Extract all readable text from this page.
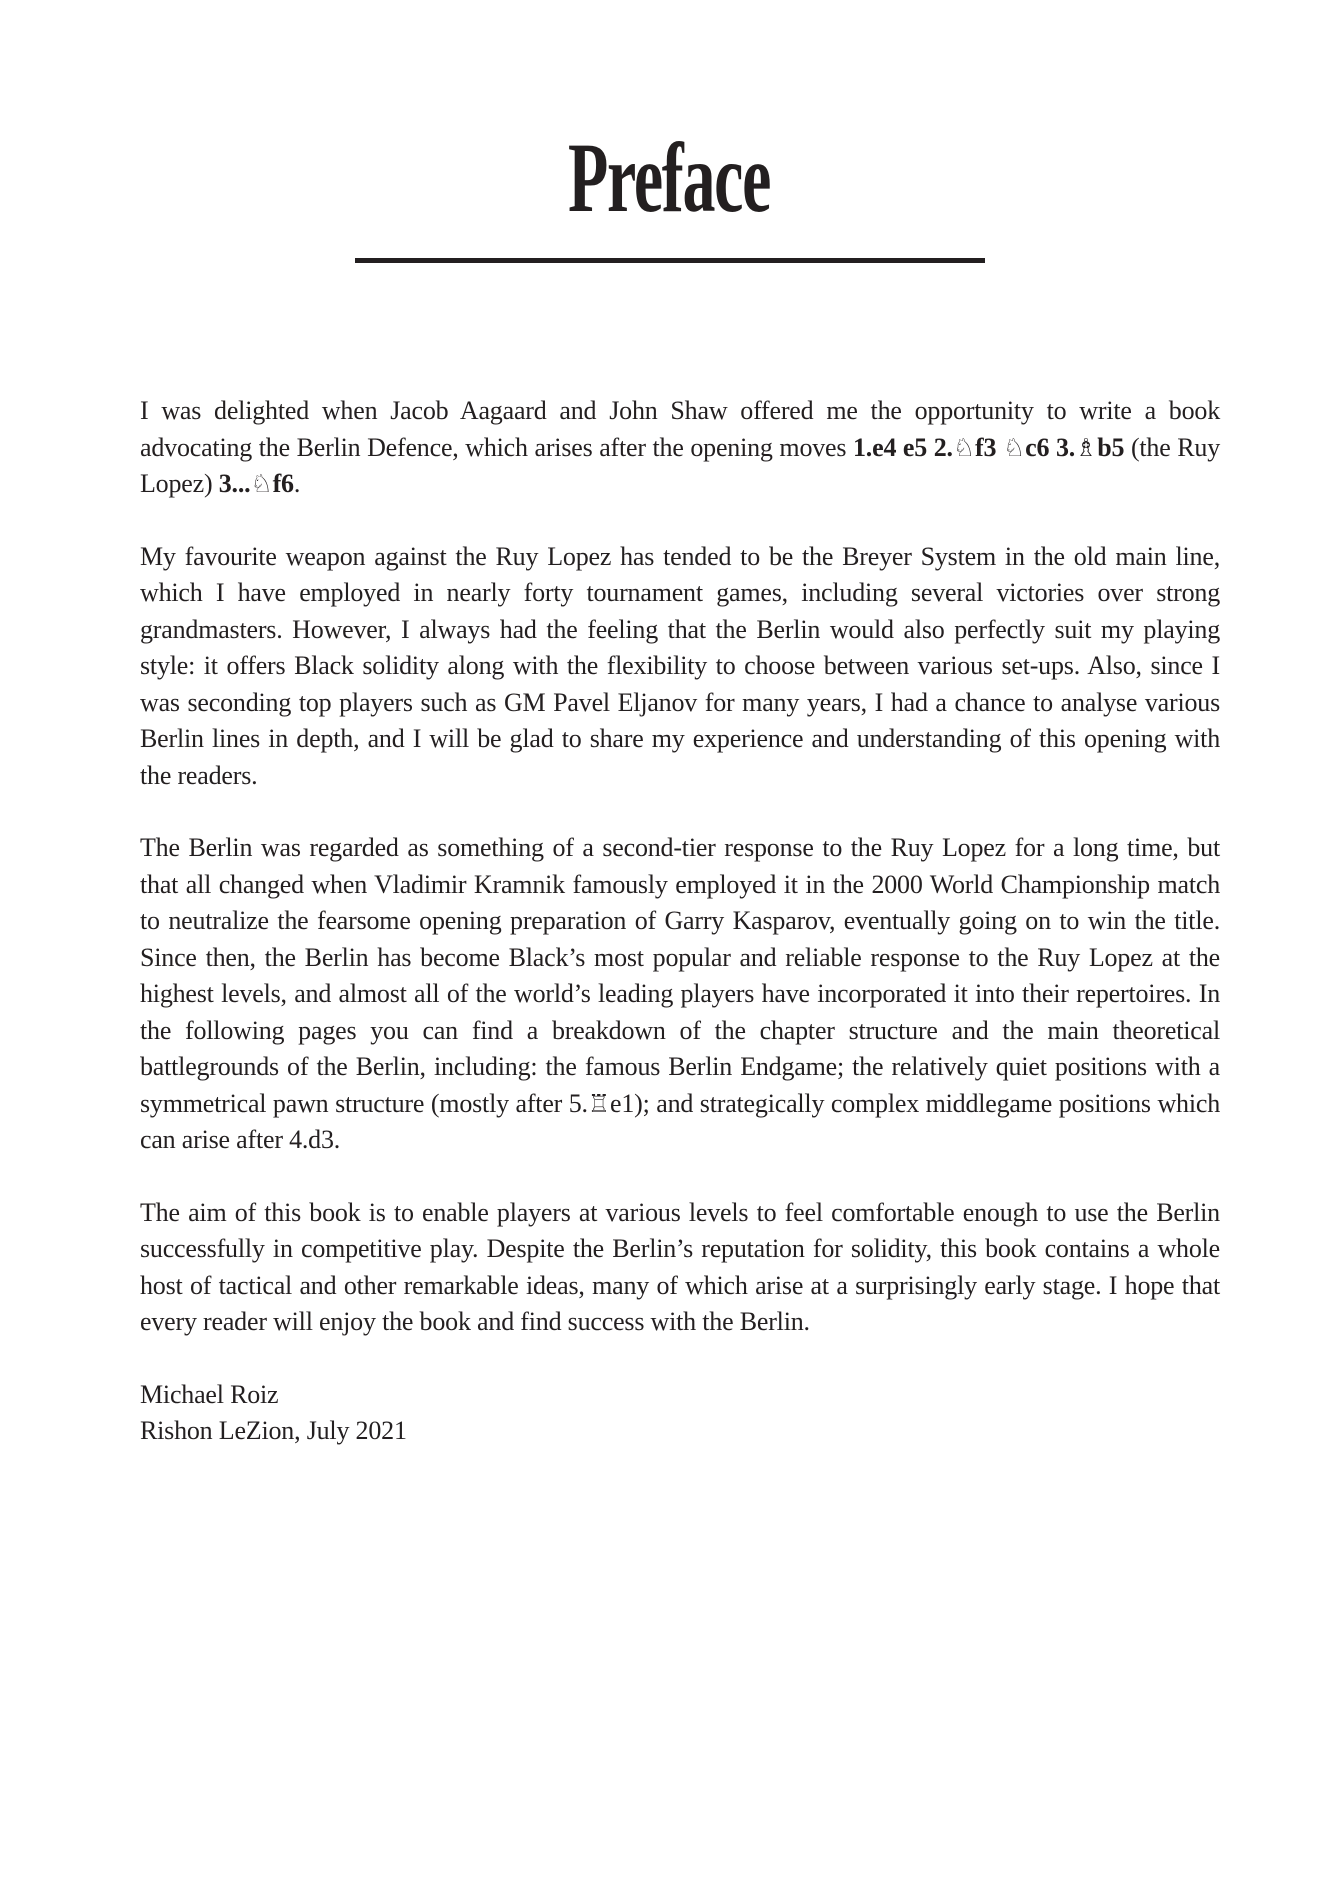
Preface

I was delighted when Jacob Aagaard and John Shaw offered me the opportunity to write a book advocating the Berlin Defence, which arises after the opening moves 1.e4 e5 2.♘f3 ♘c6 3.♗b5 (the Ruy Lopez) 3...♘f6.

My favourite weapon against the Ruy Lopez has tended to be the Breyer System in the old main line, which I have employed in nearly forty tournament games, including several victories over strong grandmasters. However, I always had the feeling that the Berlin would also perfectly suit my playing style: it offers Black solidity along with the flexibility to choose between various set-ups. Also, since I was seconding top players such as GM Pavel Eljanov for many years, I had a chance to analyse various Berlin lines in depth, and I will be glad to share my experience and understanding of this opening with the readers.

The Berlin was regarded as something of a second-tier response to the Ruy Lopez for a long time, but that all changed when Vladimir Kramnik famously employed it in the 2000 World Championship match to neutralize the fearsome opening preparation of Garry Kasparov, eventually going on to win the title. Since then, the Berlin has become Black’s most popular and reliable response to the Ruy Lopez at the highest levels, and almost all of the world’s leading players have incorporated it into their repertoires. In the following pages you can find a breakdown of the chapter structure and the main theoretical battlegrounds of the Berlin, including: the famous Berlin Endgame; the relatively quiet positions with a symmetrical pawn structure (mostly after 5.♖e1); and strategically complex middlegame positions which can arise after 4.d3.

The aim of this book is to enable players at various levels to feel comfortable enough to use the Berlin successfully in competitive play. Despite the Berlin’s reputation for solidity, this book contains a whole host of tactical and other remarkable ideas, many of which arise at a surprisingly early stage. I hope that every reader will enjoy the book and find success with the Berlin.

Michael Roiz

Rishon LeZion, July 2021
